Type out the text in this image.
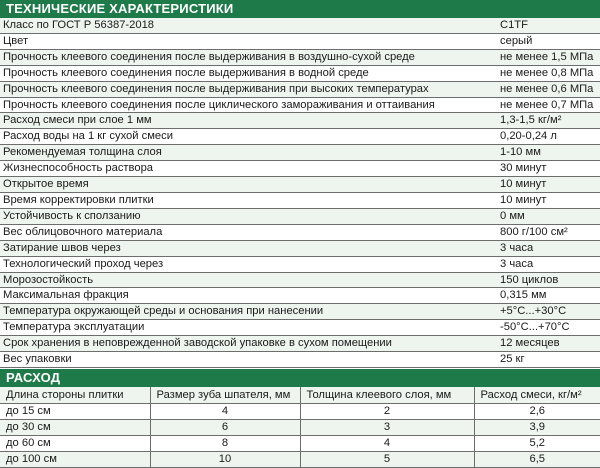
ТЕХНИЧЕСКИЕ ХАРАКТЕРИСТИКИ
Класс по ГОСТ Р 56387-2018	С1TF
Цвет	серый
Прочность клеевого соединения после выдерживания в воздушно-сухой среде	не менее 1,5 МПа
Прочность клеевого соединения после выдерживания в водной среде	не менее 0,8 МПа
Прочность клеевого соединения после выдерживания при высоких температурах	не менее 0,6 МПа
Прочность клеевого соединения после циклического замораживания и оттаивания	не менее 0,7 МПа
Расход смеси при слое 1 мм	1,3-1,5 кг/м²
Расход воды на 1 кг сухой смеси	0,20-0,24 л
Рекомендуемая толщина слоя	1-10 мм
Жизнеспособность раствора	30 минут
Открытое время	10 минут
Время корректировки плитки	10 минут
Устойчивость к сползанию	0 мм
Вес облицовочного материала	800 г/100 см²
Затирание швов через	3 часа
Технологический проход через	3 часа
Морозостойкость	150 циклов
Максимальная фракция	0,315 мм
Температура окружающей среды и основания при нанесении	+5°C...+30°C
Температура эксплуатации	-50°C...+70°C
Срок хранения в неповрежденной заводской упаковке в сухом помещении	12 месяцев
Вес упаковки	25 кг
РАСХОД
Длина стороны плитки	Размер зуба шпателя, мм	Толщина клеевого слоя, мм	Расход смеси, кг/м²
до 15 см	4	2	2,6
до 30 см	6	3	3,9
до 60 см	8	4	5,2
до 100 см	10	5	6,5
